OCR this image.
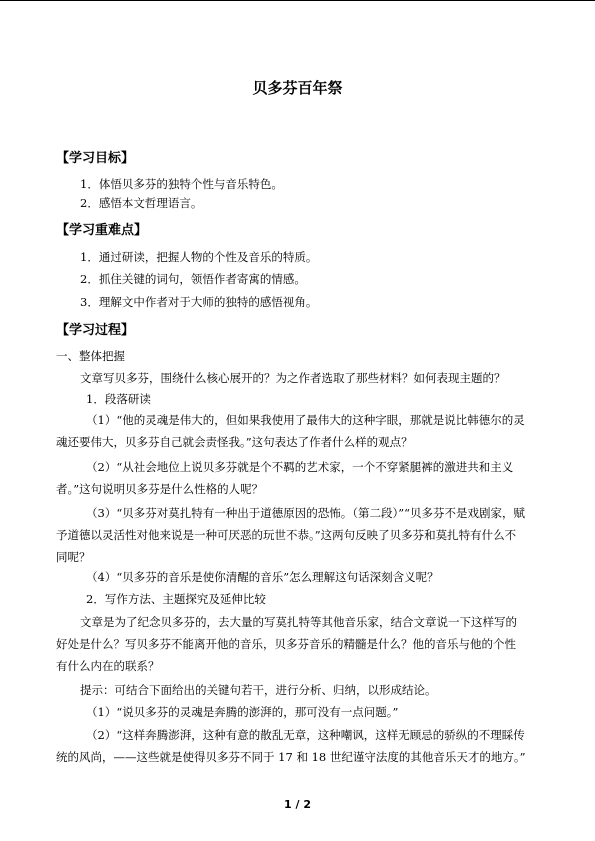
贝多芬百年祭
【学习目标】
1．体悟贝多芬的独特个性与音乐特色。
2．感悟本文哲理语言。
【学习重难点】
1．通过研读，把握人物的个性及音乐的特质。
2．抓住关键的词句，领悟作者寄寓的情感。
3．理解文中作者对于大师的独特的感悟视角。
【学习过程】
一、整体把握
文章写贝多芬，围绕什么核心展开的？为之作者选取了那些材料？如何表现主题的？
1．段落研读
（1）“他的灵魂是伟大的，但如果我使用了最伟大的这种字眼，那就是说比韩德尔的灵
魂还要伟大，贝多芬自己就会责怪我。”这句表达了作者什么样的观点？
（2）“从社会地位上说贝多芬就是个不羁的艺术家，一个不穿紧腿裤的激进共和主义
者。”这句说明贝多芬是什么性格的人呢？
（3）“贝多芬对莫扎特有一种出于道德原因的恐怖。（第二段）”“贝多芬不是戏剧家，赋
予道德以灵活性对他来说是一种可厌恶的玩世不恭。”这两句反映了贝多芬和莫扎特有什么不
同呢？
（4）“贝多芬的音乐是使你清醒的音乐”怎么理解这句话深刻含义呢？
2．写作方法、主题探究及延伸比较
文章是为了纪念贝多芬的，去大量的写莫扎特等其他音乐家，结合文章说一下这样写的
好处是什么？写贝多芬不能离开他的音乐，贝多芬音乐的精髓是什么？他的音乐与他的个性
有什么内在的联系？
提示：可结合下面给出的关键句若干，进行分析、归纳，以形成结论。
（1）“说贝多芬的灵魂是奔腾的澎湃的，那可没有一点问题。”
（2）“这样奔腾澎湃，这种有意的散乱无章，这种嘲讽，这样无顾忌的骄纵的不理睬传
统的风尚，——这些就是使得贝多芬不同于 17 和 18 世纪谨守法度的其他音乐天才的地方。”
1 / 2
